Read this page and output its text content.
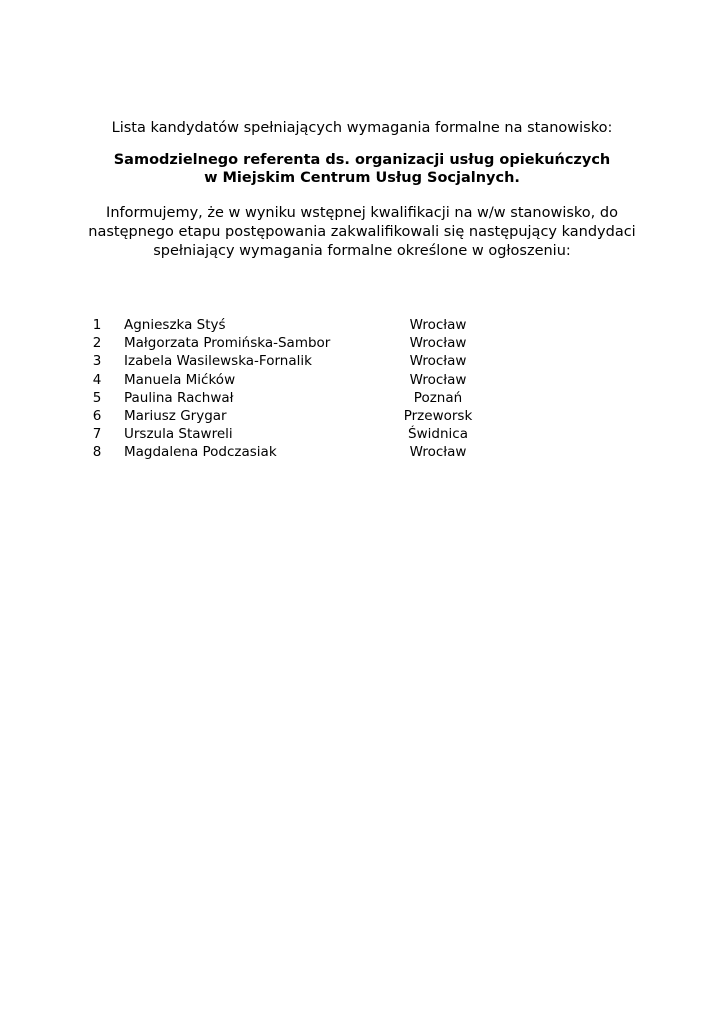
Lista kandydatów spełniających wymagania formalne na stanowisko:
Samodzielnego referenta ds. organizacji usług opiekuńczych
w Miejskim Centrum Usług Socjalnych.
Informujemy, że w wyniku wstępnej kwalifikacji na w/w stanowisko, do
następnego etapu postępowania zakwalifikowali się następujący kandydaci
spełniający wymagania formalne określone w ogłoszeniu:
1	Agnieszka Styś	Wrocław
2	Małgorzata Promińska-Sambor	Wrocław
3	Izabela Wasilewska-Fornalik	Wrocław
4	Manuela Mićków	Wrocław
5	Paulina Rachwał	Poznań
6	Mariusz Grygar	Przeworsk
7	Urszula Stawreli	Świdnica
8	Magdalena Podczasiak	Wrocław
